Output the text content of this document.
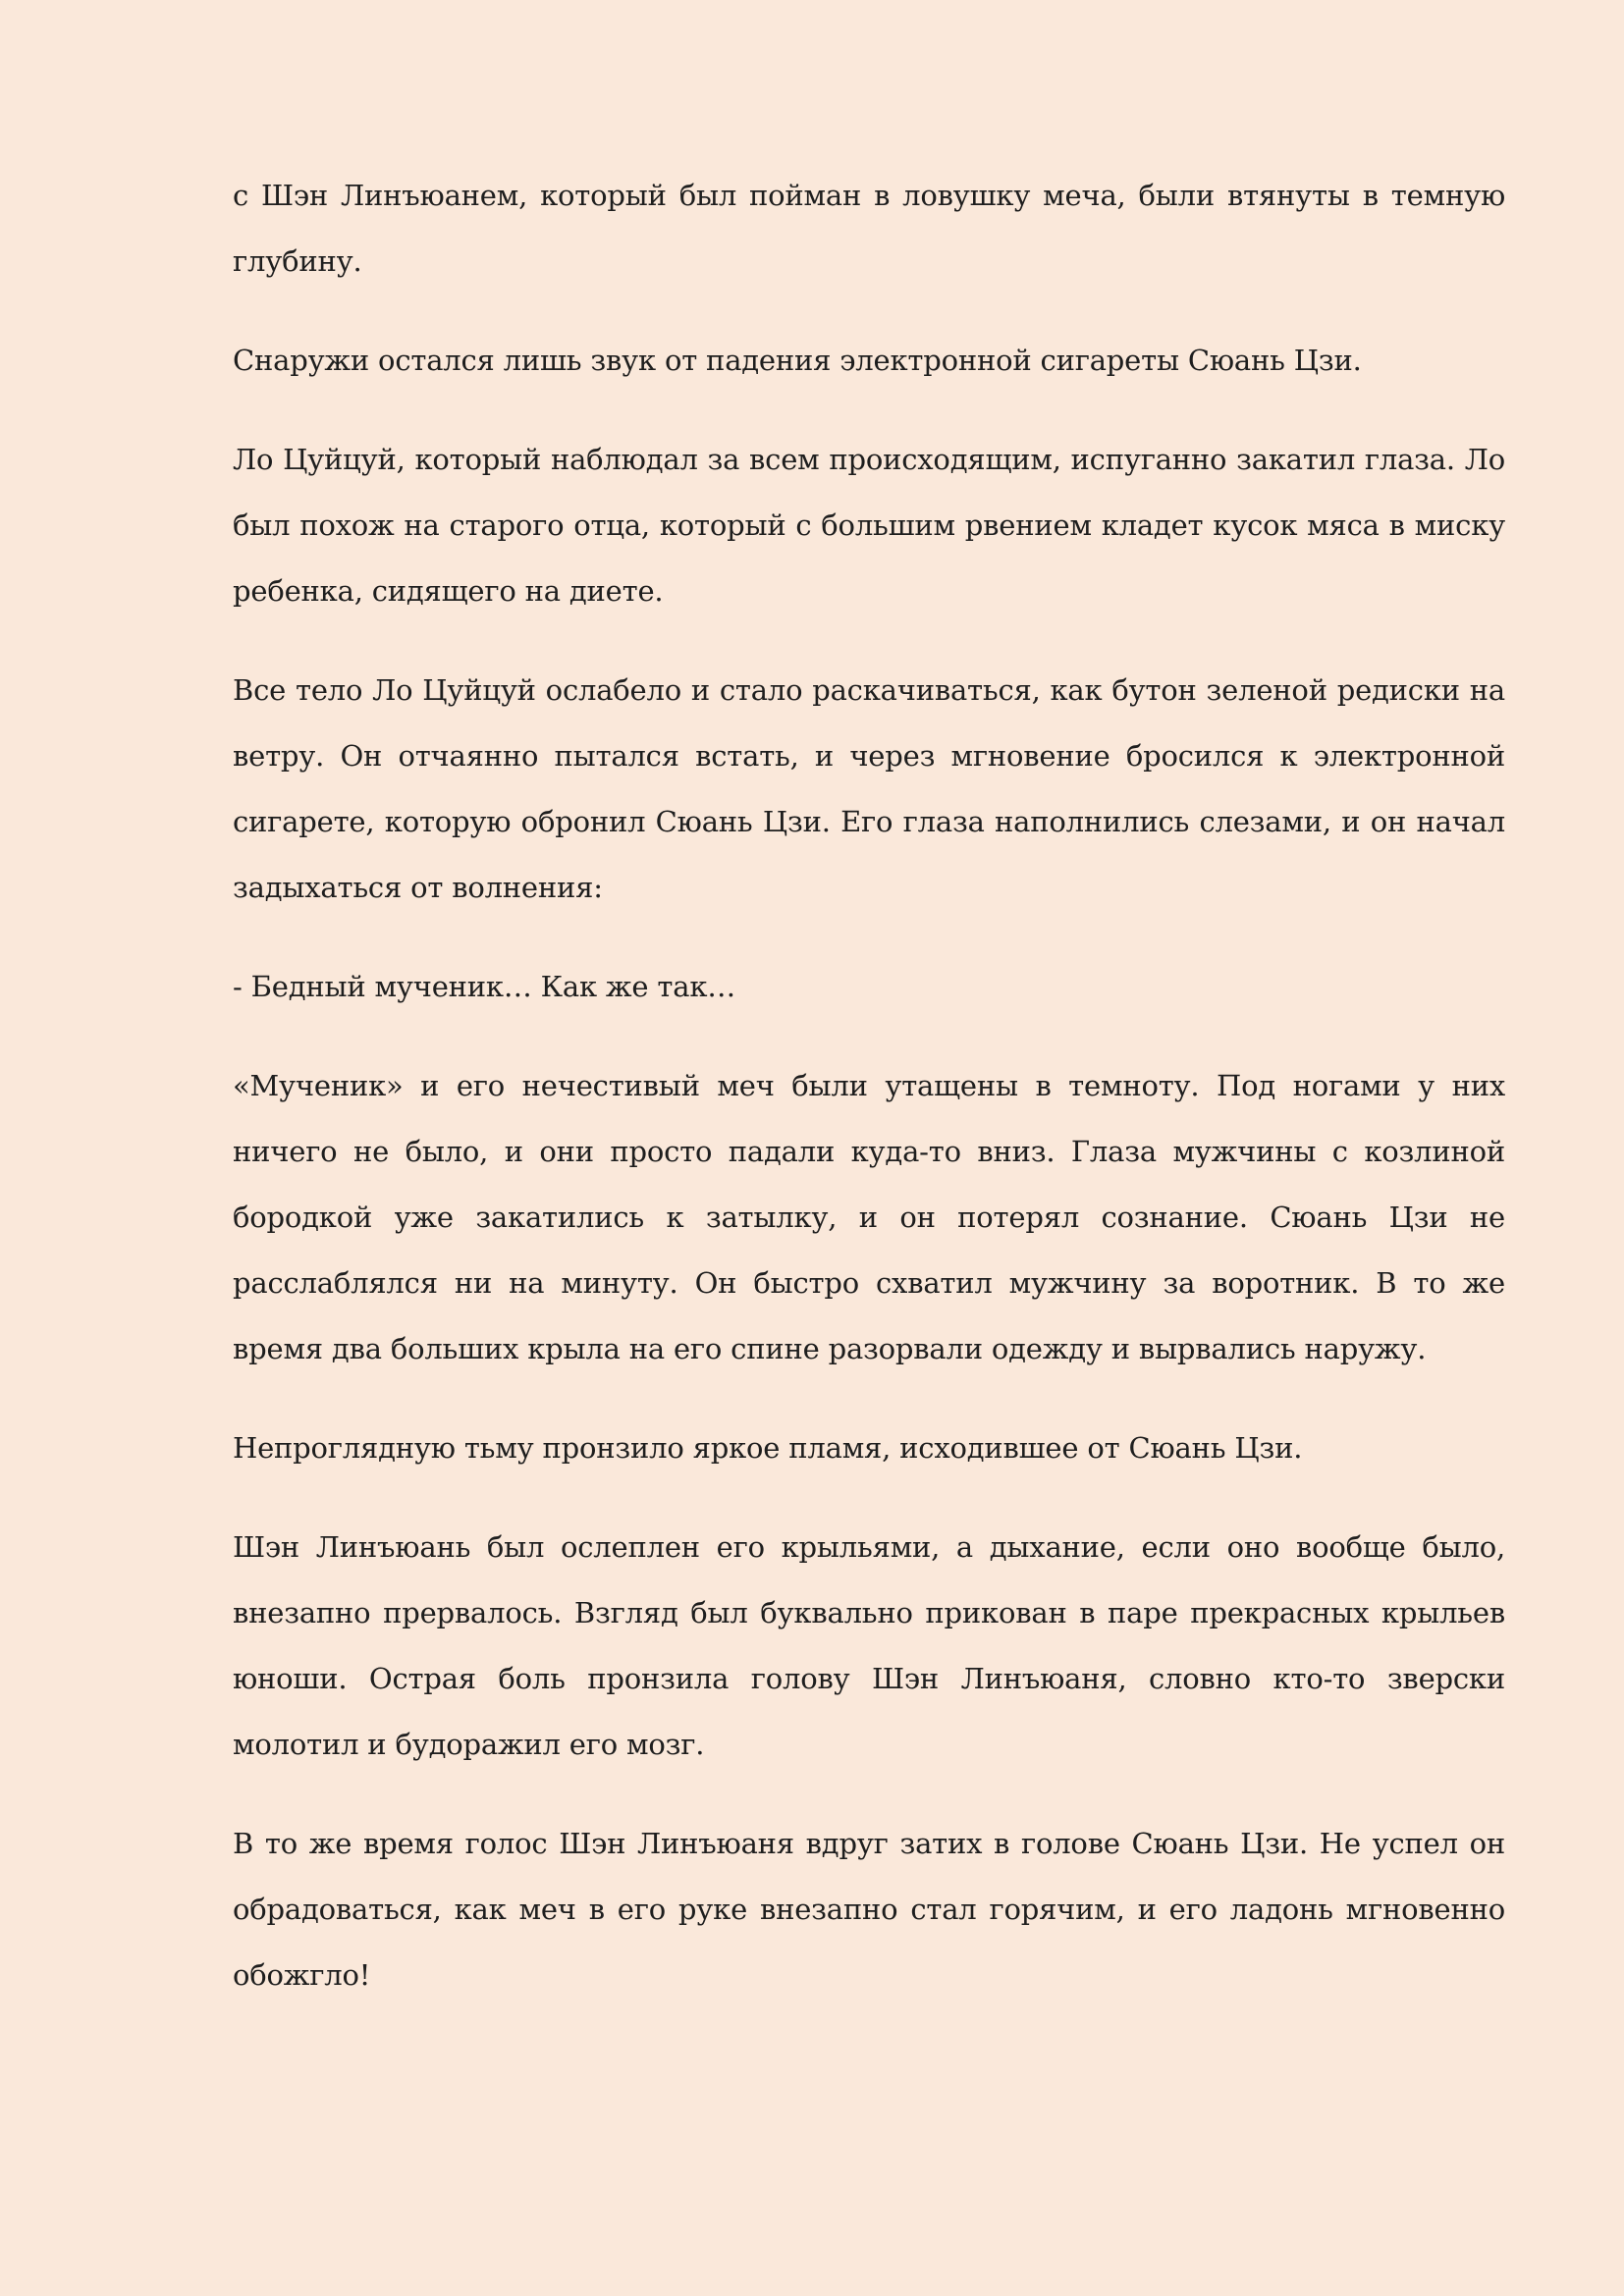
с Шэн Линъюанем, который был пойман в ловушку меча, были втянуты в темную глубину.

Снаружи остался лишь звук от падения электронной сигареты Сюань Цзи.

Ло Цуйцуй, который наблюдал за всем происходящим, испуганно закатил глаза. Ло был похож на старого отца, который с большим рвением кладет кусок мяса в миску ребенка, сидящего на диете.

Все тело Ло Цуйцуй ослабело и стало раскачиваться, как бутон зеленой редиски на ветру. Он отчаянно пытался встать, и через мгновение бросился к электронной сигарете, которую обронил Сюань Цзи. Его глаза наполнились слезами, и он начал задыхаться от волнения:

- Бедный мученик… Как же так…

«Мученик» и его нечестивый меч были утащены в темноту. Под ногами у них ничего не было, и они просто падали куда-то вниз. Глаза мужчины с козлиной бородкой уже закатились к затылку, и он потерял сознание. Сюань Цзи не расслаблялся ни на минуту. Он быстро схватил мужчину за воротник. В то же время два больших крыла на его спине разорвали одежду и вырвались наружу.

Непроглядную тьму пронзило яркое пламя, исходившее от Сюань Цзи.

Шэн Линъюань был ослеплен его крыльями, а дыхание, если оно вообще было, внезапно прервалось. Взгляд был буквально прикован в паре прекрасных крыльев юноши. Острая боль пронзила голову Шэн Линъюаня, словно кто-то зверски молотил и будоражил его мозг.

В то же время голос Шэн Линъюаня вдруг затих в голове Сюань Цзи. Не успел он обрадоваться, как меч в его руке внезапно стал горячим, и его ладонь мгновенно обожгло!
